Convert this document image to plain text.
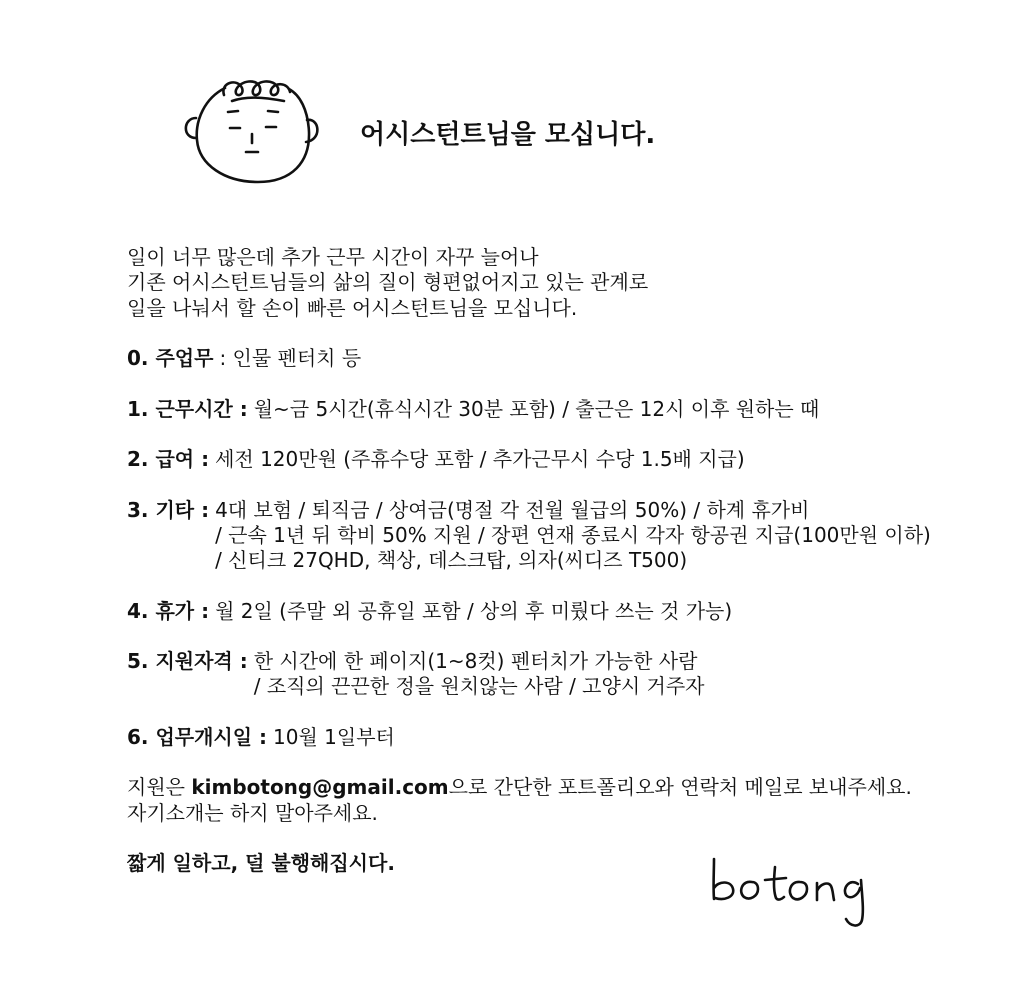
어시스턴트님을 모십니다.
일이 너무 많은데 추가 근무 시간이 자꾸 늘어나
기존 어시스턴트님들의 삶의 질이 형편없어지고 있는 관계로
일을 나눠서 할 손이 빠른 어시스턴트님을 모십니다.
0. 주업무 : 인물 펜터치 등
1. 근무시간 : 월~금 5시간(휴식시간 30분 포함) / 출근은 12시 이후 원하는 때
2. 급여 : 세전 120만원 (주휴수당 포함 / 추가근무시 수당 1.5배 지급)
3. 기타 : 4대 보험 / 퇴직금 / 상여금(명절 각 전월 월급의 50%) / 하계 휴가비
/ 근속 1년 뒤 학비 50% 지원 / 장편 연재 종료시 각자 항공권 지급(100만원 이하)
/ 신티크 27QHD, 책상, 데스크탑, 의자(씨디즈 T500)
4. 휴가 : 월 2일 (주말 외 공휴일 포함 / 상의 후 미뤘다 쓰는 것 가능)
5. 지원자격 : 한 시간에 한 페이지(1~8컷) 펜터치가 가능한 사람
/ 조직의 끈끈한 정을 원치않는 사람 / 고양시 거주자
6. 업무개시일 : 10월 1일부터
지원은 kimbotong@gmail.com으로 간단한 포트폴리오와 연락처 메일로 보내주세요.
자기소개는 하지 말아주세요.
짧게 일하고, 덜 불행해집시다.
